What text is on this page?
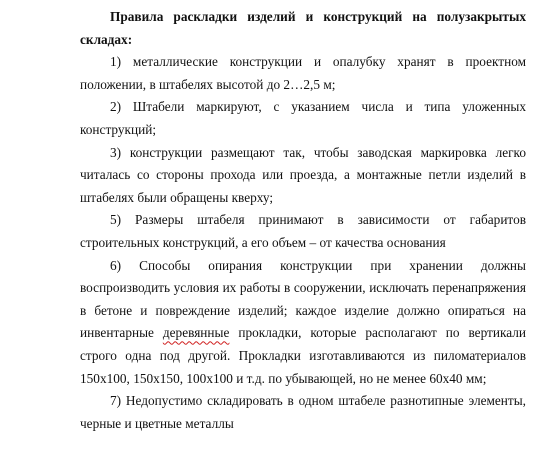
Правила раскладки изделий и конструкций на полузакрытых складах:

1) металлические конструкции и опалубку хранят в проектном положении, в штабелях высотой до 2…2,5 м;

2) Штабели маркируют, с указанием числа и типа уложенных конструкций;

3) конструкции размещают так, чтобы заводская маркировка легко читалась со стороны прохода или проезда, а монтажные петли изделий в штабелях были обращены кверху;

5) Размеры штабеля принимают в зависимости от габаритов строительных конструкций, а его объем – от качества основания

6) Способы опирания конструкции при хранении должны воспроизводить условия их работы в сооружении, исключать перенапряжения в бетоне и повреждение изделий; каждое изделие должно опираться на инвентарные деревянные прокладки, которые располагают по вертикали строго одна под другой. Прокладки изготавливаются из пиломатериалов 150х100, 150х150, 100х100 и т.д. по убывающей, но не менее 60х40 мм;

7) Недопустимо складировать в одном штабеле разнотипные элементы, черные и цветные металлы
